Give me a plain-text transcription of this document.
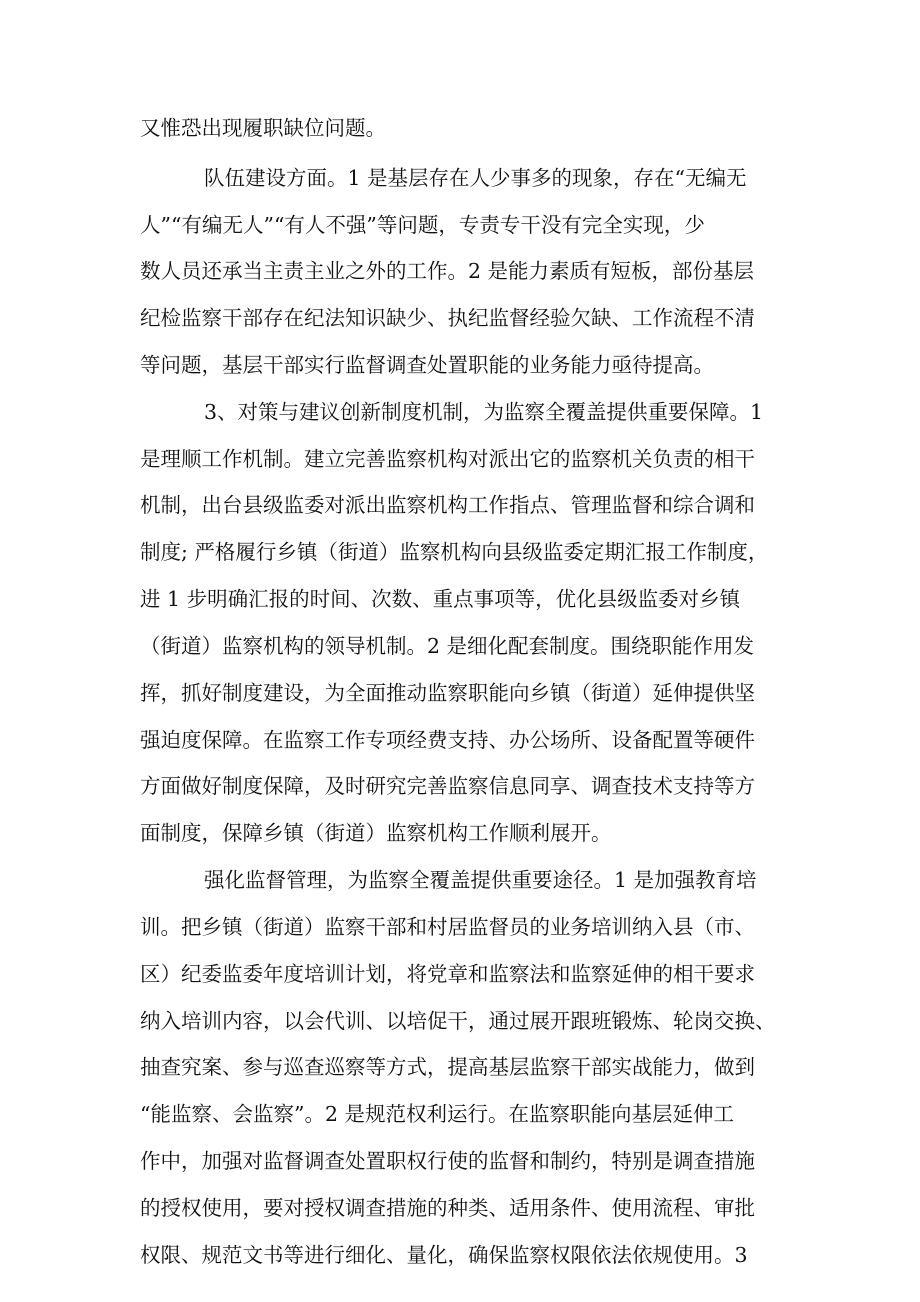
又惟恐出现履职缺位问题。
队伍建设方面。1 是基层存在人少事多的现象，存在“无编无
人”“有编无人”“有人不强”等问题，专责专干没有完全实现，少
数人员还承当主责主业之外的工作。2 是能力素质有短板，部份基层
纪检监察干部存在纪法知识缺少、执纪监督经验欠缺、工作流程不清
等问题，基层干部实行监督调查处置职能的业务能力亟待提高。
3、对策与建议创新制度机制，为监察全覆盖提供重要保障。1
是理顺工作机制。建立完善监察机构对派出它的监察机关负责的相干
机制，出台县级监委对派出监察机构工作指点、管理监督和综合调和
制度; 严格履行乡镇（街道）监察机构向县级监委定期汇报工作制度，
进 1 步明确汇报的时间、次数、重点事项等，优化县级监委对乡镇
（街道）监察机构的领导机制。2 是细化配套制度。围绕职能作用发
挥，抓好制度建设，为全面推动监察职能向乡镇（街道）延伸提供坚
强迫度保障。在监察工作专项经费支持、办公场所、设备配置等硬件
方面做好制度保障，及时研究完善监察信息同享、调查技术支持等方
面制度，保障乡镇（街道）监察机构工作顺利展开。
强化监督管理，为监察全覆盖提供重要途径。1 是加强教育培
训。把乡镇（街道）监察干部和村居监督员的业务培训纳入县（市、
区）纪委监委年度培训计划，将党章和监察法和监察延伸的相干要求
纳入培训内容，以会代训、以培促干，通过展开跟班锻炼、轮岗交换、
抽查究案、参与巡查巡察等方式，提高基层监察干部实战能力，做到
“能监察、会监察”。2 是规范权利运行。在监察职能向基层延伸工
作中，加强对监督调查处置职权行使的监督和制约，特别是调查措施
的授权使用，要对授权调查措施的种类、适用条件、使用流程、审批
权限、规范文书等进行细化、量化，确保监察权限依法依规使用。3
